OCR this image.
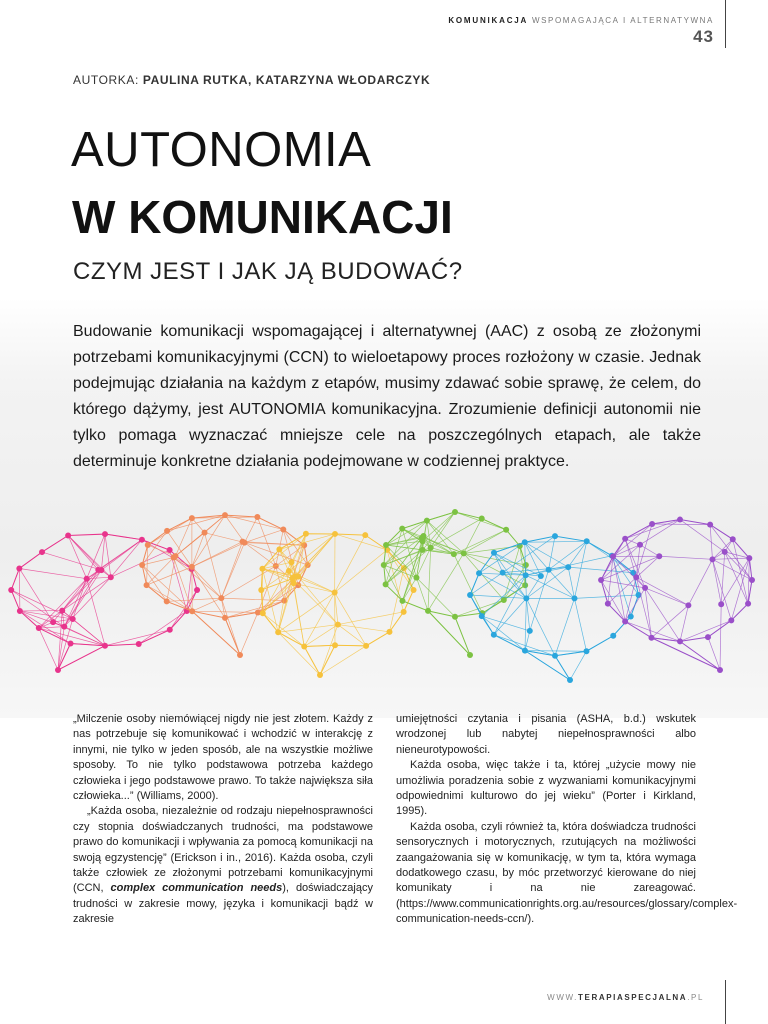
KOMUNIKACJA WSPOMAGAJĄCA I ALTERNATYWNA
43
AUTORKA: PAULINA RUTKA, KATARZYNA WŁODARCZYK
AUTONOMIA
W KOMUNIKACJI
CZYM JEST I JAK JĄ BUDOWAĆ?
Budowanie komunikacji wspomagającej i alternatywnej (AAC) z osobą ze złożonymi potrzebami komunikacyjnymi (CCN) to wieloetapowy proces rozłożony w czasie. Jednak podejmując działania na każdym z etapów, musimy zdawać sobie sprawę, że celem, do którego dążymy, jest AUTONOMIA komunikacyjna. Zrozumienie definicji autonomii nie tylko pomaga wyznaczać mniejsze cele na poszczególnych etapach, ale także determinuje konkretne działania podejmowane w codziennej praktyce.

„Milczenie osoby niemówiącej nigdy nie jest złotem. Każdy z nas potrzebuje się komunikować i wchodzić w interakcję z innymi, nie tylko w jeden sposób, ale na wszystkie możliwe sposoby. To nie tylko podstawowa potrzeba każdego człowieka i jego podstawowe prawo. To także największa siła człowieka...” (Williams, 2000).

„Każda osoba, niezależnie od rodzaju niepełnosprawności czy stopnia doświadczanych trudności, ma podstawowe prawo do komunikacji i wpływania za pomocą komunikacji na swoją egzystencję” (Erickson i in., 2016). Każda osoba, czyli także człowiek ze złożonymi potrzebami komunikacyjnymi (CCN, complex communication needs), doświadczający trudności w zakresie mowy, języka i komunikacji bądź w zakresie

umiejętności czytania i pisania (ASHA, b.d.) wskutek wrodzonej lub nabytej niepełnosprawności albo nieneurotypowości.

Każda osoba, więc także i ta, której „użycie mowy nie umożliwia poradzenia sobie z wyzwaniami komunikacyjnymi odpowiednimi kulturowo do jej wieku” (Porter i Kirkland, 1995).

Każda osoba, czyli również ta, która doświadcza trudności sensorycznych i motorycznych, rzutujących na możliwości zaangażowania się w komunikację, w tym ta, która wymaga dodatkowego czasu, by móc przetworzyć kierowane do niej komunikaty i na nie zareagować. (https://www.communicationrights.org.au/resources/glossary/complex-communication-needs-ccn/).

WWW.TERAPIASPECJALNA.PL
